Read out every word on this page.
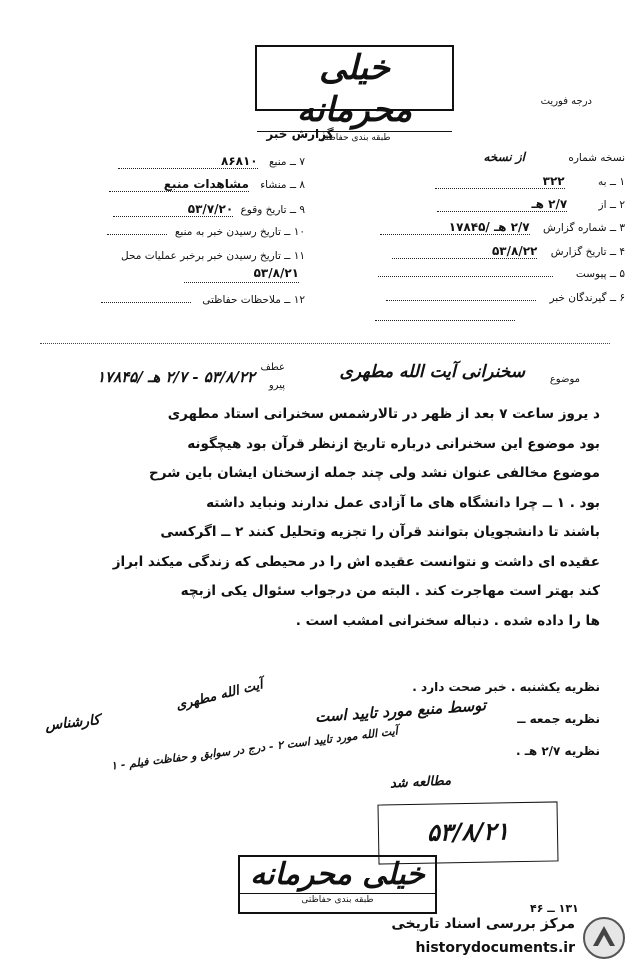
خیلی محرمانه
طبقه بندی حفاظتی
درجه فوریت
گزارش خبر
نسخه شماره از نسخه
۱ ــ به ۳۲۲
۲ ــ از ۲/۷ هـ
۳ ــ شماره گزارش ۲/۷ هـ /۱۷۸۴۵
۴ ــ تاریخ گزارش ۵۳/۸/۲۲
۵ ــ پیوست
۶ ــ گیرندگان خبر
۷ ــ منبع ۸۶۸۱۰
۸ ــ منشاء مشاهدات منبع
۹ ــ تاریخ وقوع ۵۳/۷/۲۰
۱۰ ــ تاریخ رسیدن خبر به منبع
۱۱ ــ تاریخ رسیدن خبر برخبر عملیات محل ۵۳/۸/۲۱
۱۲ ــ ملاحظات حفاظتی
موضوع
سخنرانی آیت الله مطهری
عطف
پیرو
۵۳/۸/۲۲ - ۲/۷ هـ /۱۷۸۴۵
د یروز ساعت ۷ بعد از ظهر در تالارشمس سخنرانی استاد مطهری
بود موضوع این سخنرانی درباره تاریخ ازنظر قرآن بود هیچگونه
موضوع مخالفی عنوان نشد ولی چند جمله ازسخنان ایشان باین شرح
بود . ۱ ــ چرا دانشگاه های ما آزادی عمل ندارند ونباید داشته
باشند تا دانشجویان بتوانند قرآن را تجزیه وتحلیل کنند ۲ ــ اگرکسی
عقیده ای داشت و نتوانست عقیده اش را در محیطی که زندگی میکند ابراز
کند بهتر است مهاجرت کند . البته من درجواب سئوال یکی ازبچه
ها را داده شده . دنباله سخنرانی امشب است .
نظریه یکشنبه . خبر صحت دارد .
نظریه جمعه ــ
نظریه ۲/۷ هـ .
آیت الله مطهری
کارشناس	توسط منبع مورد تایید است
۱ - آیت الله مورد تایید است ۲ - درج در سوابق و حفاظت فیلم
مطالعه شد
۵۳/۸/۲۱
خیلی محرمانه
طبقه بندی حفاظتی
۱۳۱ ــ ۴۶
مرکز بررسی اسناد تاریخی
historydocuments.ir
